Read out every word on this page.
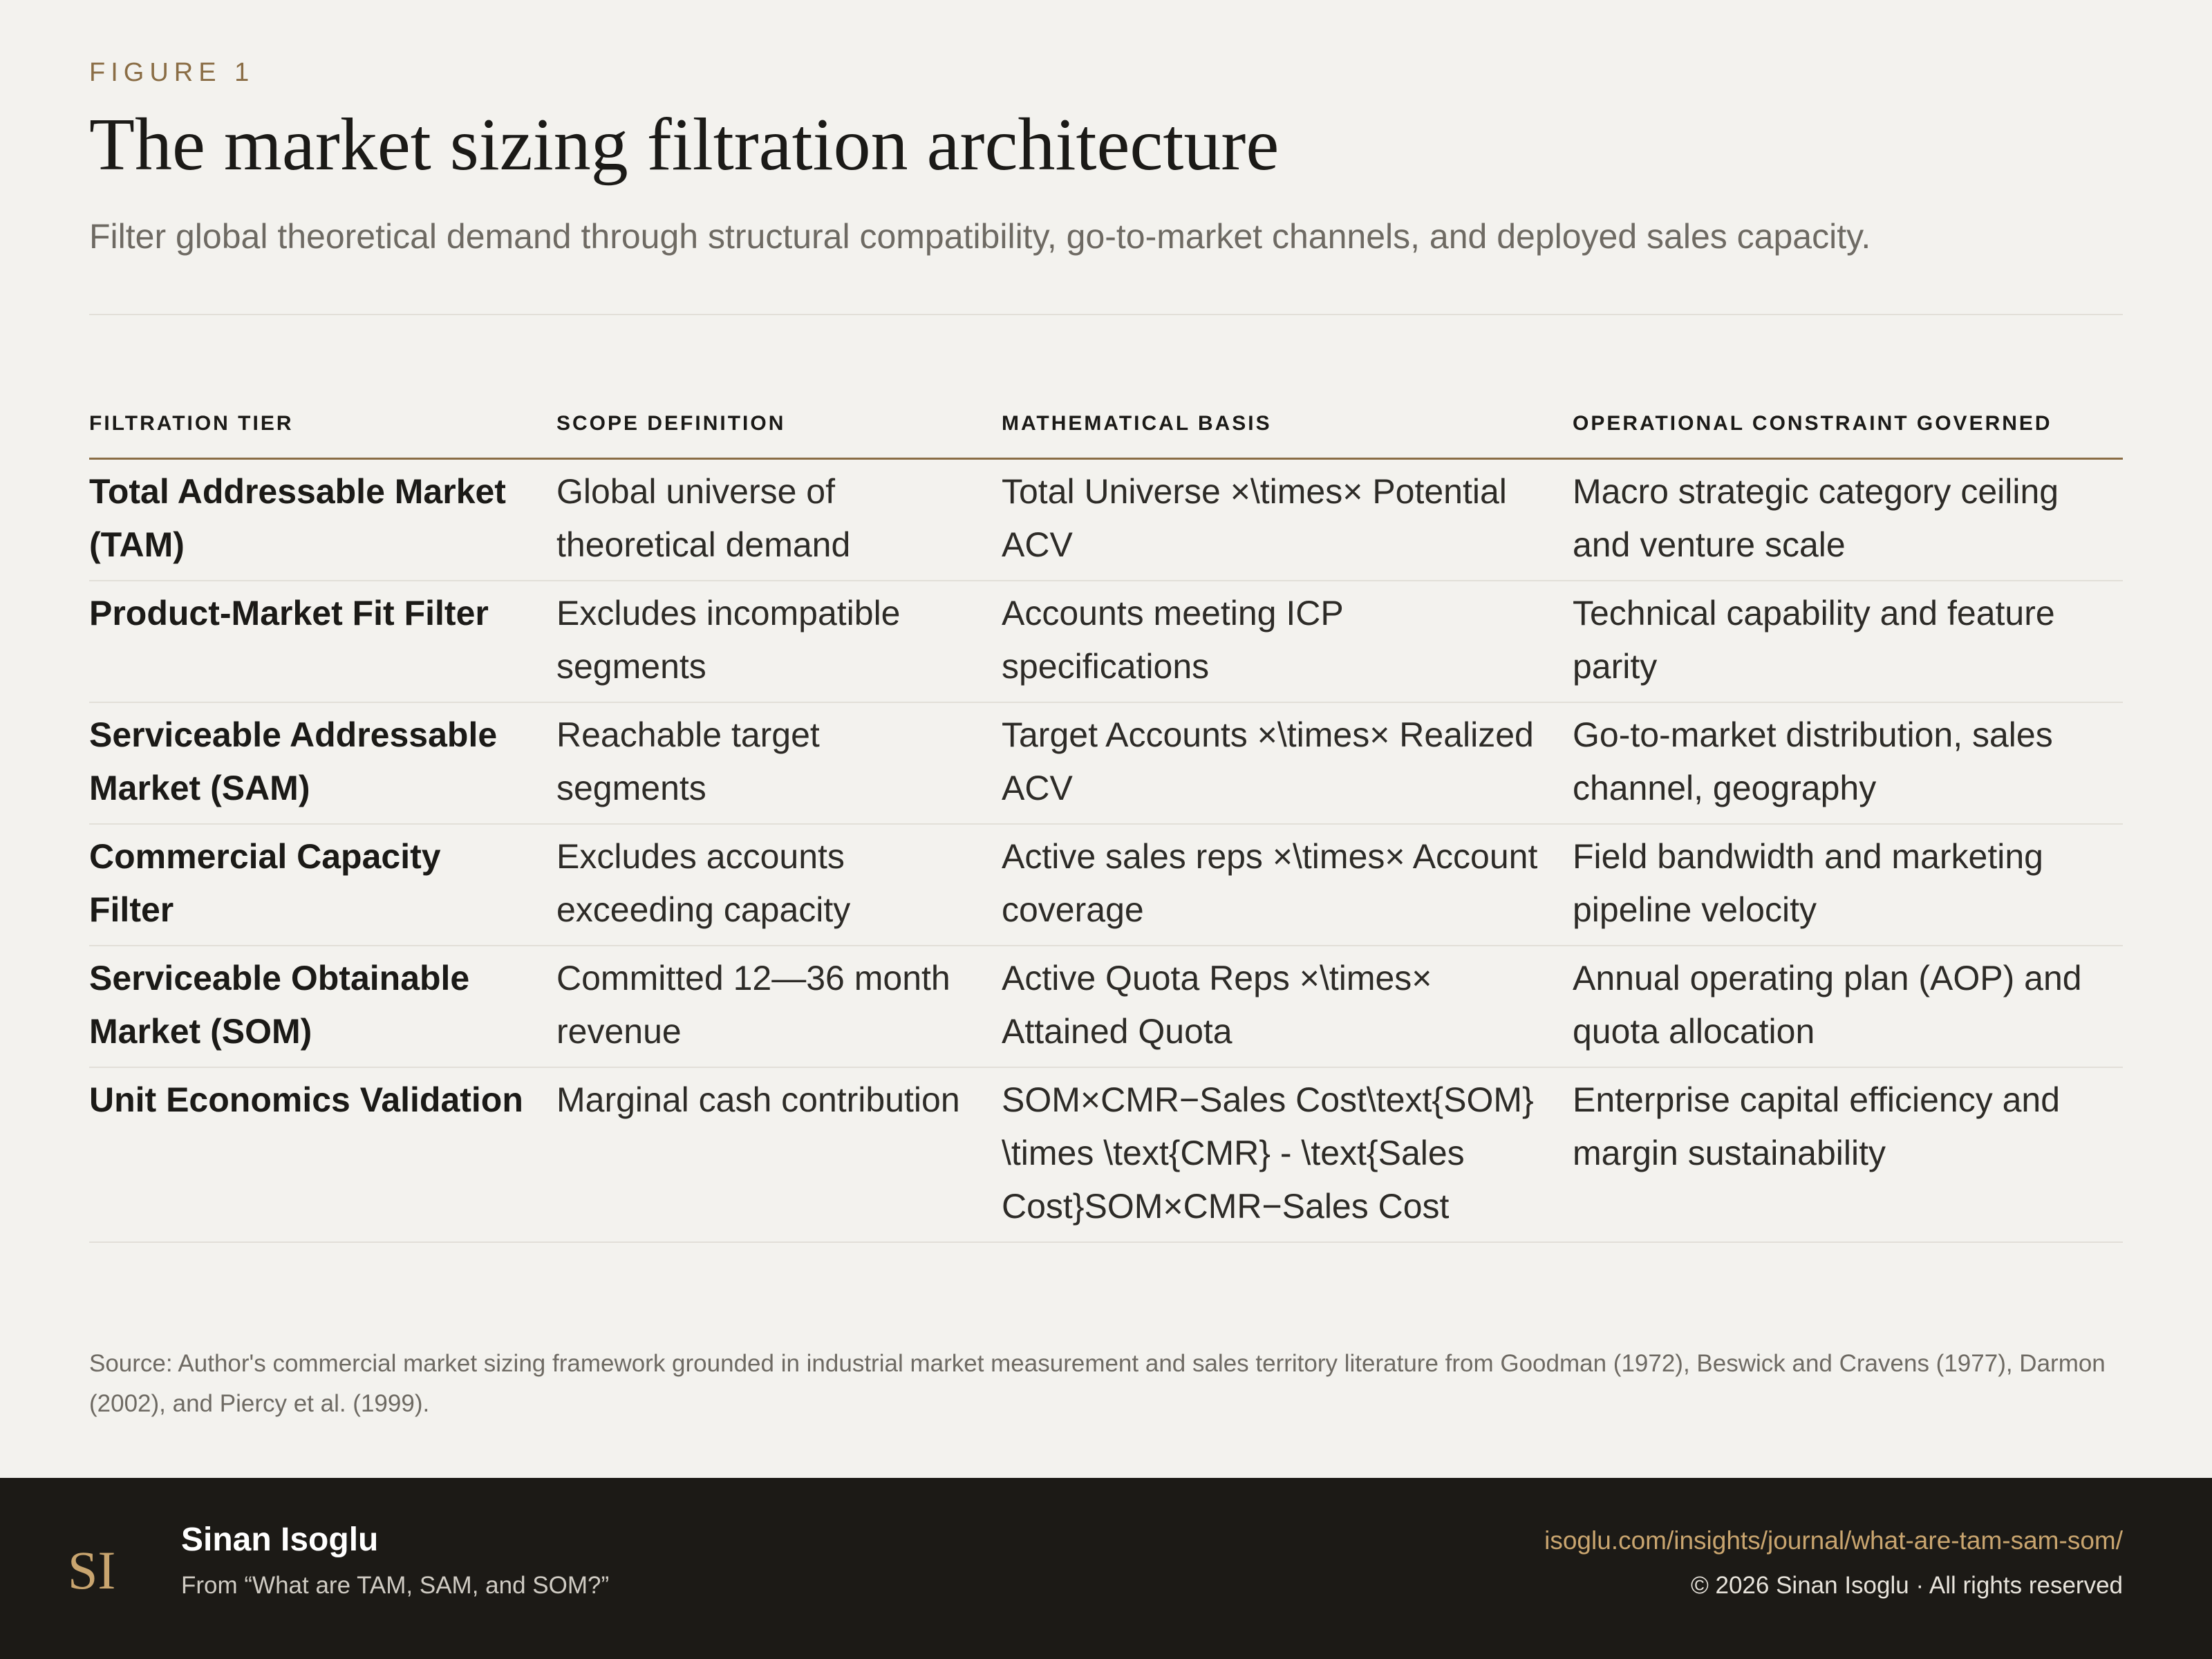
FIGURE 1
The market sizing filtration architecture
Filter global theoretical demand through structural compatibility, go-to-market channels, and deployed sales capacity.
FILTRATION TIER	SCOPE DEFINITION	MATHEMATICAL BASIS	OPERATIONAL CONSTRAINT GOVERNED
Total Addressable Market (TAM)	Global universe of theoretical demand	Total Universe ×\times× Potential ACV	Macro strategic category ceiling and venture scale
Product-Market Fit Filter	Excludes incompatible segments	Accounts meeting ICP specifications	Technical capability and feature parity
Serviceable Addressable Market (SAM)	Reachable target segments	Target Accounts ×\times× Realized ACV	Go-to-market distribution, sales channel, geography
Commercial Capacity Filter	Excludes accounts exceeding capacity	Active sales reps ×\times× Account coverage	Field bandwidth and marketing pipeline velocity
Serviceable Obtainable Market (SOM)	Committed 12—36 month revenue	Active Quota Reps ×\times× Attained Quota	Annual operating plan (AOP) and quota allocation
Unit Economics Validation	Marginal cash contribution	SOM×CMR−Sales Cost\text{SOM} \times \text{CMR} - \text{Sales Cost}SOM×CMR−Sales Cost	Enterprise capital efficiency and margin sustainability
Source: Author's commercial market sizing framework grounded in industrial market measurement and sales territory literature from Goodman (1972), Beswick and Cravens (1977), Darmon (2002), and Piercy et al. (1999).
SI
Sinan Isoglu
From “What are TAM, SAM, and SOM?”
isoglu.com/insights/journal/what-are-tam-sam-som/
© 2026 Sinan Isoglu · All rights reserved
